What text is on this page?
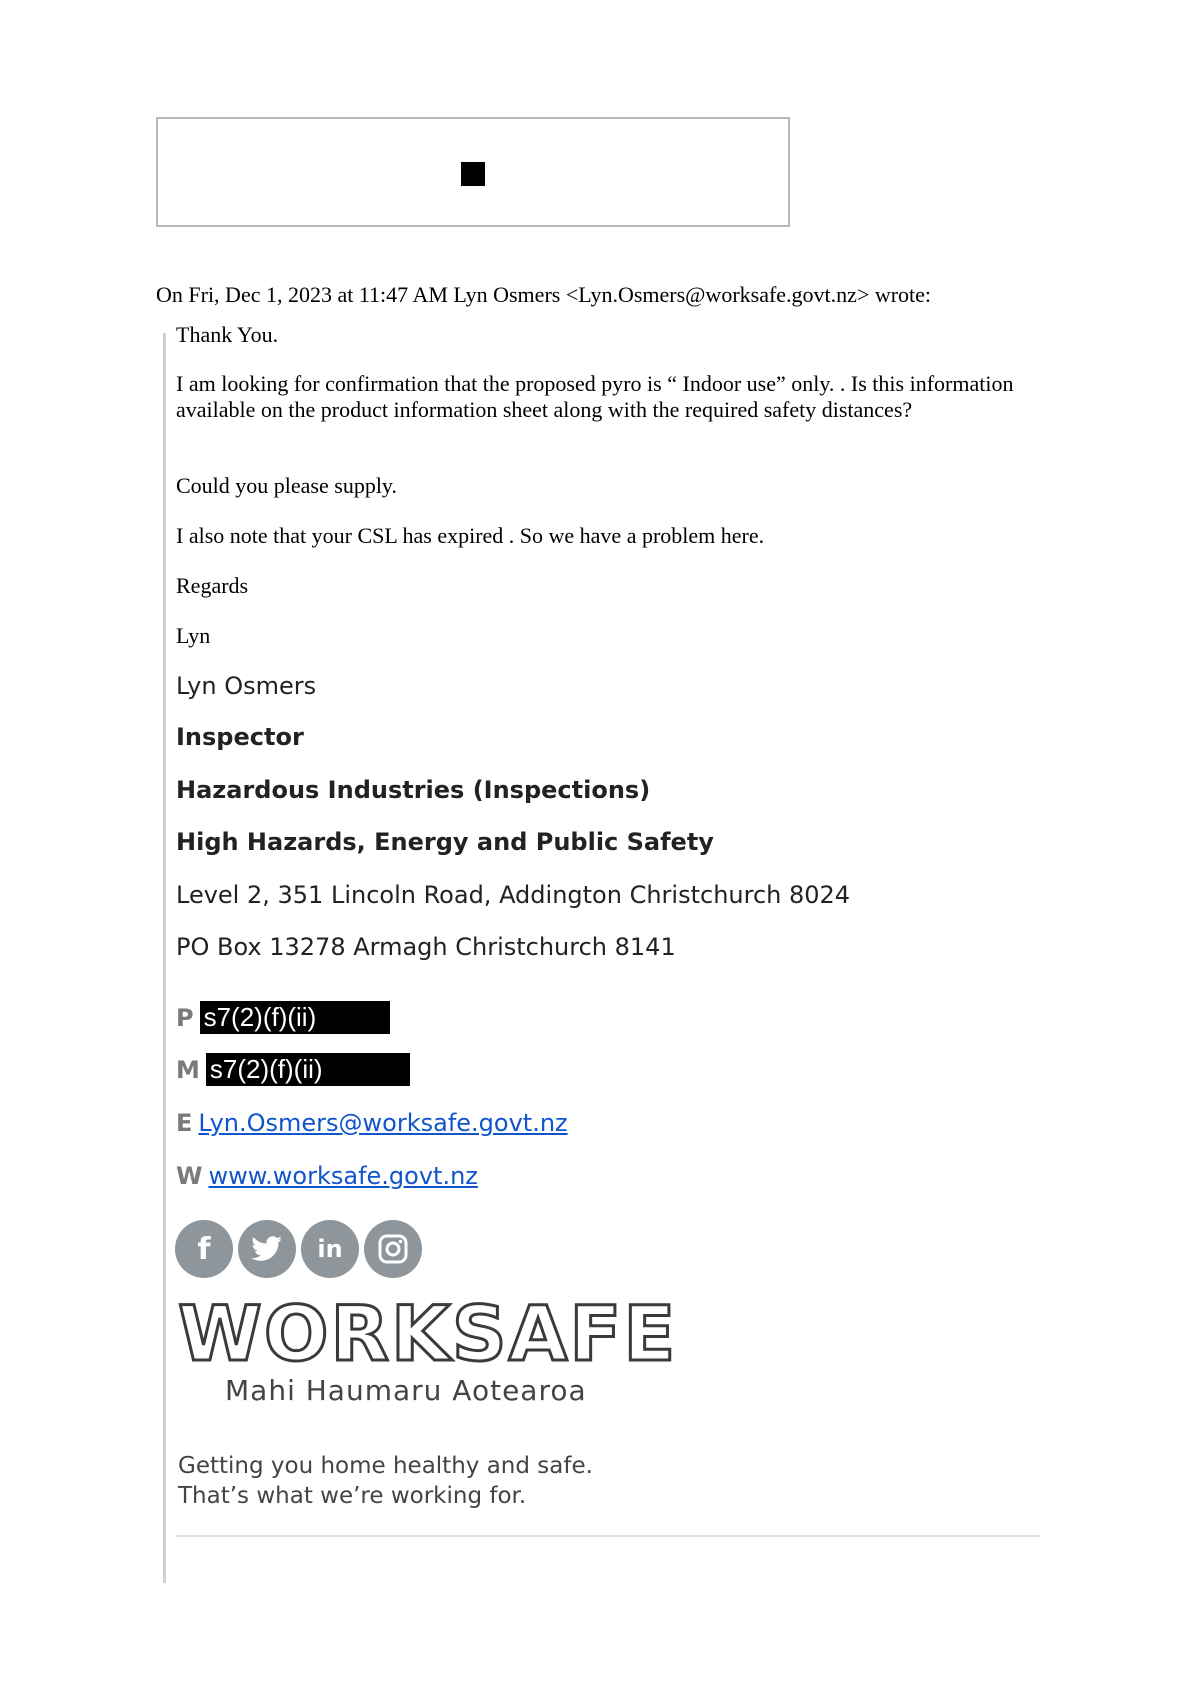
On Fri, Dec 1, 2023 at 11:47 AM Lyn Osmers <Lyn.Osmers@worksafe.govt.nz> wrote:
Thank You.
I am looking for confirmation that the proposed pyro is “ Indoor use” only. . Is this information available on the product information sheet along with the required safety distances?
Could you please supply.
I also note that your CSL has expired . So we have a problem here.
Regards
Lyn
Lyn Osmers
Inspector
Hazardous Industries (Inspections)
High Hazards, Energy and Public Safety
Level 2, 351 Lincoln Road, Addington Christchurch 8024
PO Box 13278 Armagh Christchurch 8141
P s7(2)(f)(ii)
M s7(2)(f)(ii)
E Lyn.Osmers@worksafe.govt.nz
W www.worksafe.govt.nz
f	in
WORKSAFE
Mahi Haumaru Aotearoa
Getting you home healthy and safe.
That’s what we’re working for.
